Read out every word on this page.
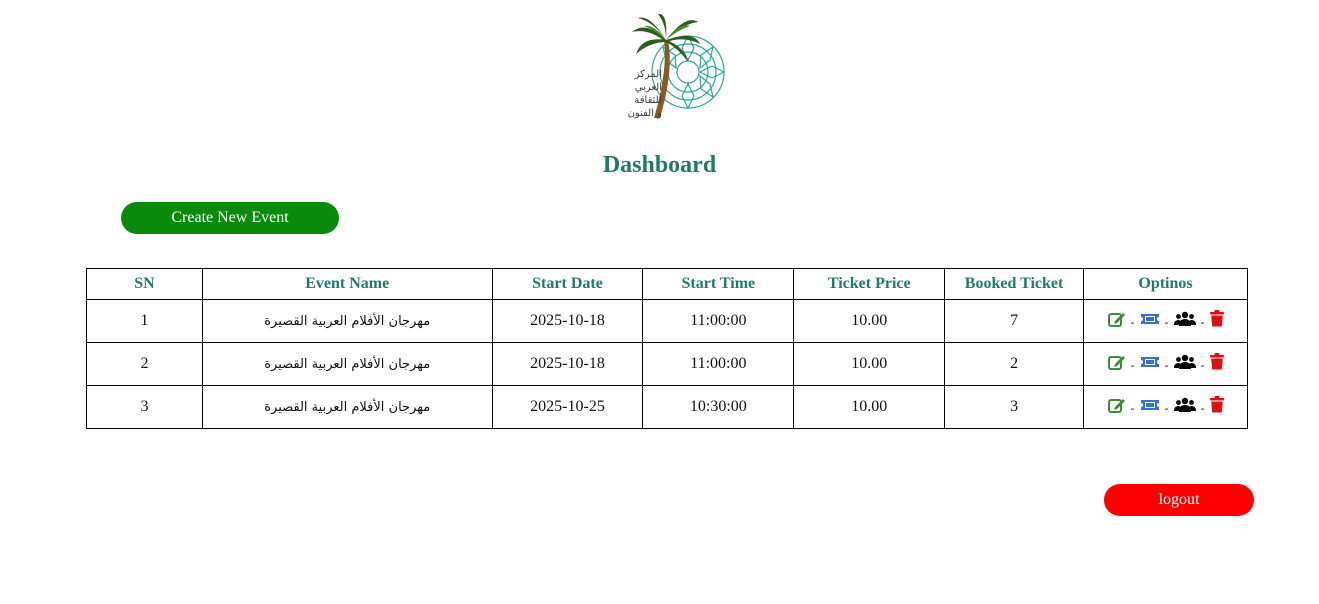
المركز
العربي
للثقافة
و الفنون
Dashboard
Create New Event
SN	Event Name	Start Date	Start Time	Ticket Price	Booked Ticket	Optinos
1	مهرجان الأفلام العربية القصيرة	2025-10-18	11:00:00	10.00	7	- - -

2	مهرجان الأفلام العربية القصيرة	2025-10-18	11:00:00	10.00	2	- - -

3	مهرجان الأفلام العربية القصيرة	2025-10-25	10:30:00	10.00	3	- - -
logout
